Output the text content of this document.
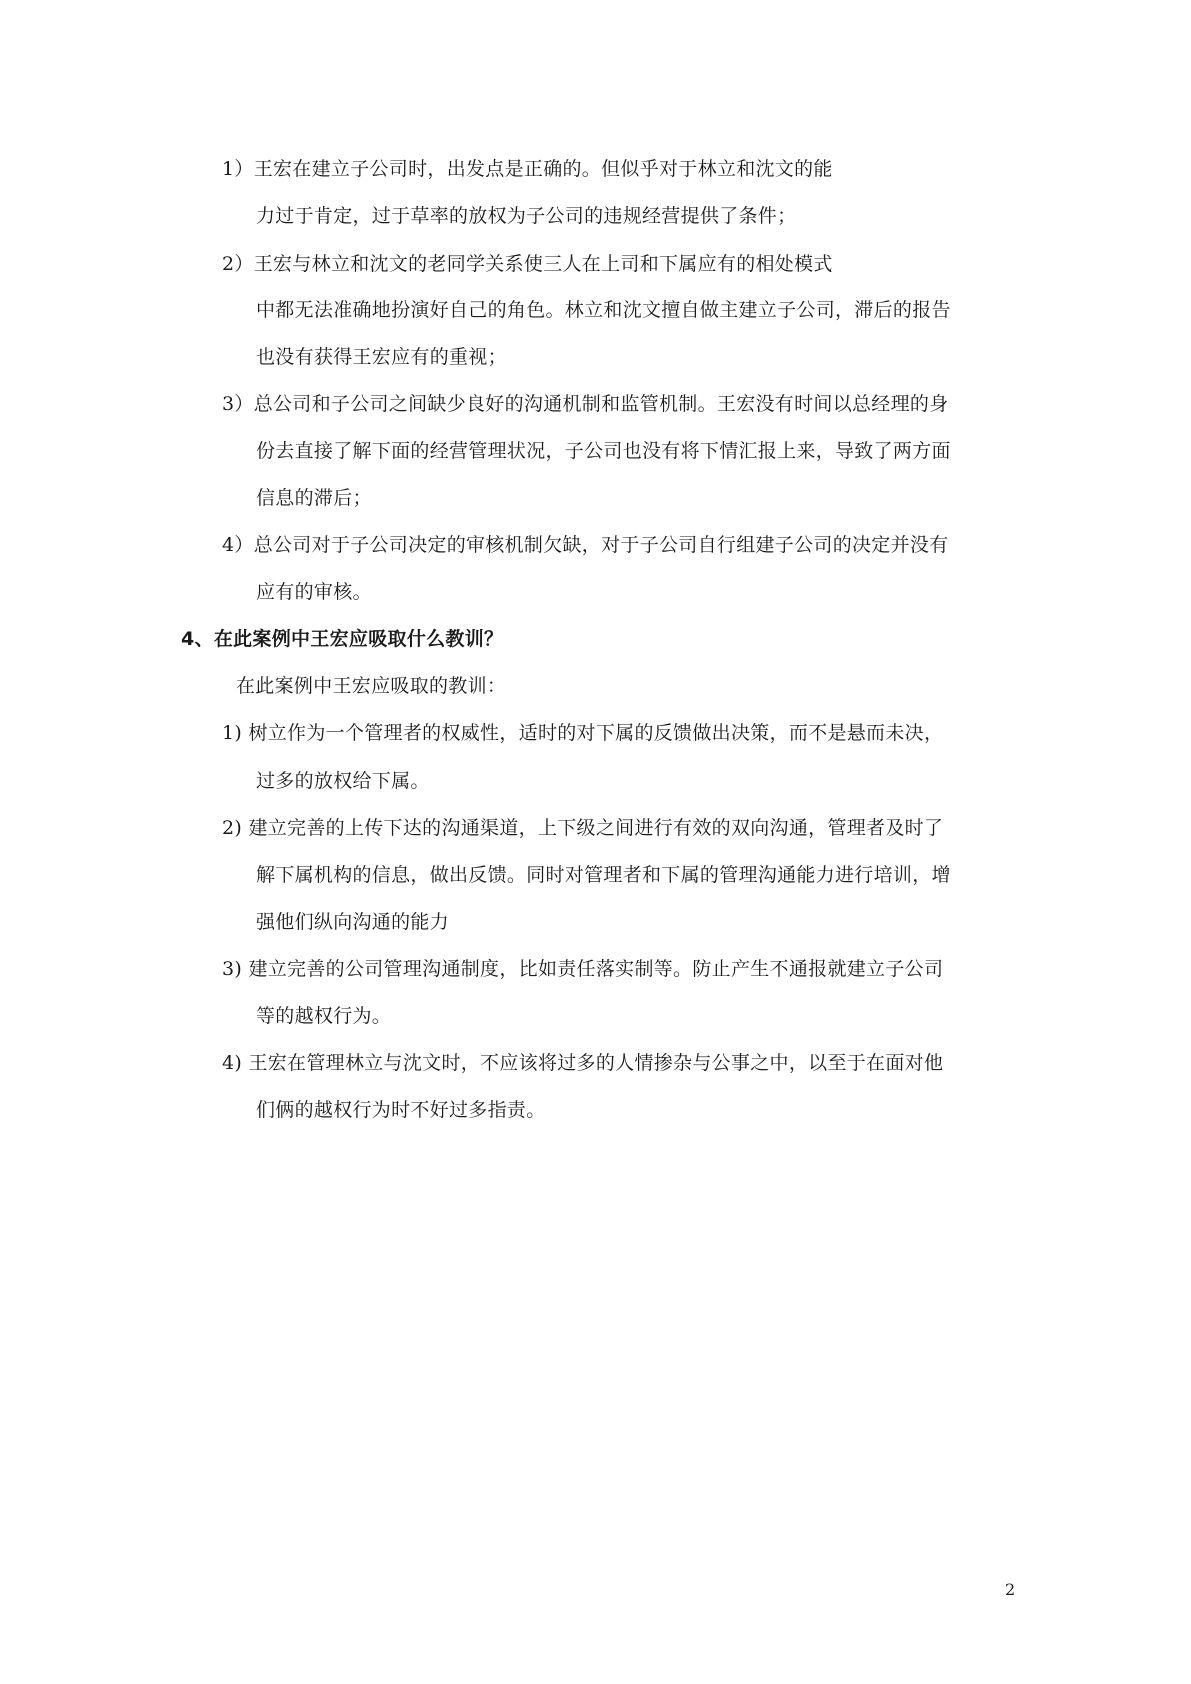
1）王宏在建立子公司时，出发点是正确的。但似乎对于林立和沈文的能
力过于肯定，过于草率的放权为子公司的违规经营提供了条件；
2）王宏与林立和沈文的老同学关系使三人在上司和下属应有的相处模式
中都无法准确地扮演好自己的角色。林立和沈文擅自做主建立子公司，滞后的报告
也没有获得王宏应有的重视；
3）总公司和子公司之间缺少良好的沟通机制和监管机制。王宏没有时间以总经理的身
份去直接了解下面的经营管理状况，子公司也没有将下情汇报上来，导致了两方面
信息的滞后；
4）总公司对于子公司决定的审核机制欠缺，对于子公司自行组建子公司的决定并没有
应有的审核。
4、在此案例中王宏应吸取什么教训？
在此案例中王宏应吸取的教训：
1) 树立作为一个管理者的权威性，适时的对下属的反馈做出决策，而不是悬而未决，
过多的放权给下属。
2) 建立完善的上传下达的沟通渠道，上下级之间进行有效的双向沟通，管理者及时了
解下属机构的信息，做出反馈。同时对管理者和下属的管理沟通能力进行培训，增
强他们纵向沟通的能力
3) 建立完善的公司管理沟通制度，比如责任落实制等。防止产生不通报就建立子公司
等的越权行为。
4) 王宏在管理林立与沈文时，不应该将过多的人情掺杂与公事之中，以至于在面对他
们俩的越权行为时不好过多指责。
2
